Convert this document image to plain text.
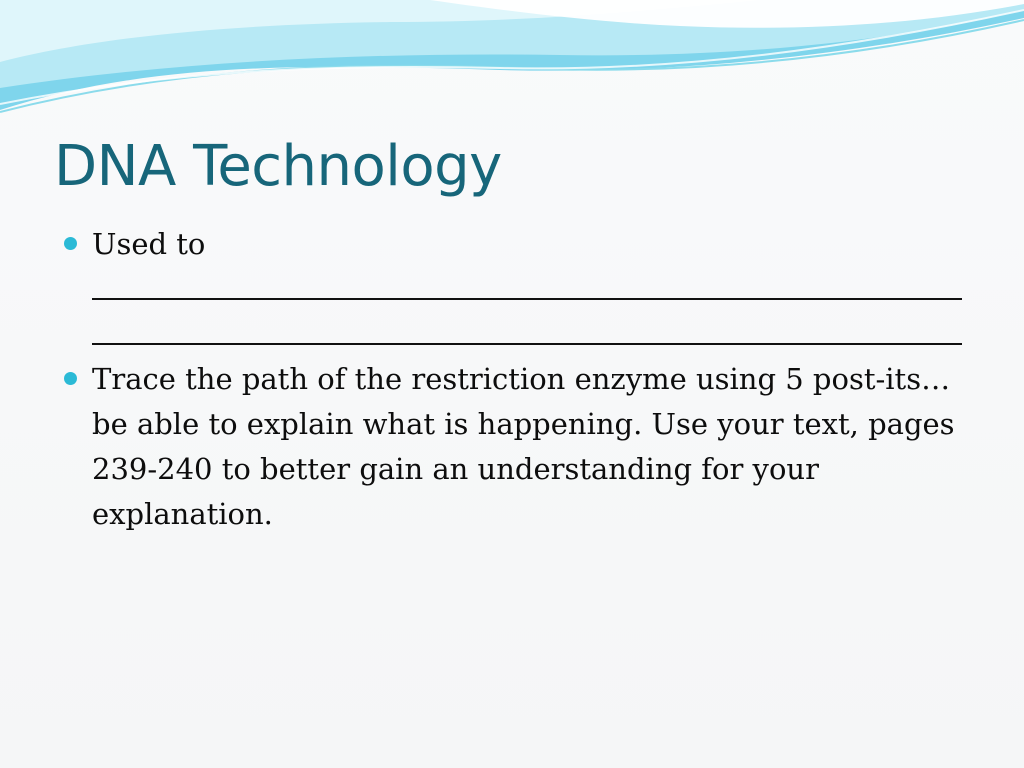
DNA Technology
Used to
Trace the path of the restriction enzyme using 5 post-its…be able to explain what is happening. Use your text, pages 239-240 to better gain an understanding for your explanation.
